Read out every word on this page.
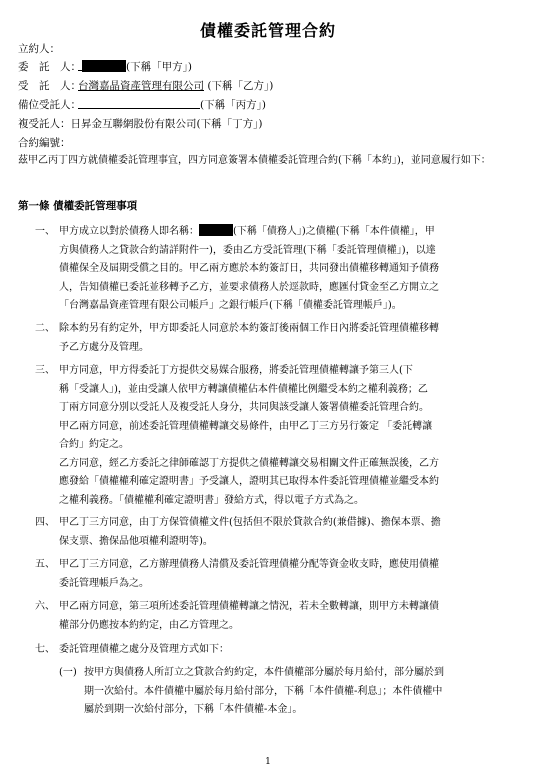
債權委託管理合約
立約人：
委　託　人：	(下稱「甲方」)
受　託　人：台灣嘉晶資產管理有限公司 (下稱「乙方」)
備位受託人：	(下稱「丙方」)
複受託人：日昇金互聯網股份有限公司(下稱「丁方」)
合約編號：
茲甲乙丙丁四方就債權委託管理事宜，四方同意簽署本債權委託管理合約(下稱「本約」)，並同意履行如下：
第一條 債權委託管理事項
一、 甲方成立以對於債務人即名稱：	(下稱「債務人」)之債權(下稱「本件債權」，甲
方與債務人之貸款合約請詳附件一)，委由乙方受託管理(下稱「委託管理債權」)，以達
債權保全及屆期受償之目的。甲乙兩方應於本約簽訂日，共同發出債權移轉通知予債務
人，告知債權已委託並移轉予乙方，並要求債務人於逕款時，應匯付貸金至乙方開立之
「台灣嘉晶資產管理有限公司帳戶」之銀行帳戶(下稱「債權委託管理帳戶」)。
二、 除本約另有約定外，甲方即委託人同意於本約簽訂後兩個工作日內將委託管理債權移轉
予乙方處分及管理。
三、 甲方同意，甲方得委託丁方提供交易媒合服務，將委託管理債權轉讓予第三人(下
稱「受讓人」)，並由受讓人依甲方轉讓債權佔本件債權比例繼受本約之權利義務；乙
丁兩方同意分別以受託人及複受託人身分，共同與該受讓人簽署債權委託管理合約。
甲乙兩方同意，前述委託管理債權轉讓交易條件，由甲乙丁三方另行簽定 「委託轉讓
合約」約定之。
乙方同意，經乙方委託之律師確認丁方提供之債權轉讓交易相關文件正確無誤後，乙方
應發給「債權權利確定證明書」予受讓人，證明其已取得本件委託管理債權並繼受本約
之權利義務。「債權權利確定證明書」發給方式，得以電子方式為之。
四、 甲乙丁三方同意，由丁方保管債權文件(包括但不限於貸款合約(兼借據)、擔保本票、擔
保支票、擔保品他項權利證明等)。
五、 甲乙丁三方同意，乙方辦理債務人清償及委託管理債權分配等資金收支時，應使用債權
委託管理帳戶為之。
六、 甲乙兩方同意，第三項所述委託管理債權轉讓之情況，若未全數轉讓，則甲方未轉讓債
權部分仍應按本約約定，由乙方管理之。
七、 委託管理債權之處分及管理方式如下：
(一) 按甲方與債務人所訂立之貸款合約約定，本件債權部分屬於每月給付，部分屬於到
期一次給付。本件債權中屬於每月給付部分，下稱「本件債權-利息」；本件債權中
屬於到期一次給付部分，下稱「本件債權-本金」。
1
